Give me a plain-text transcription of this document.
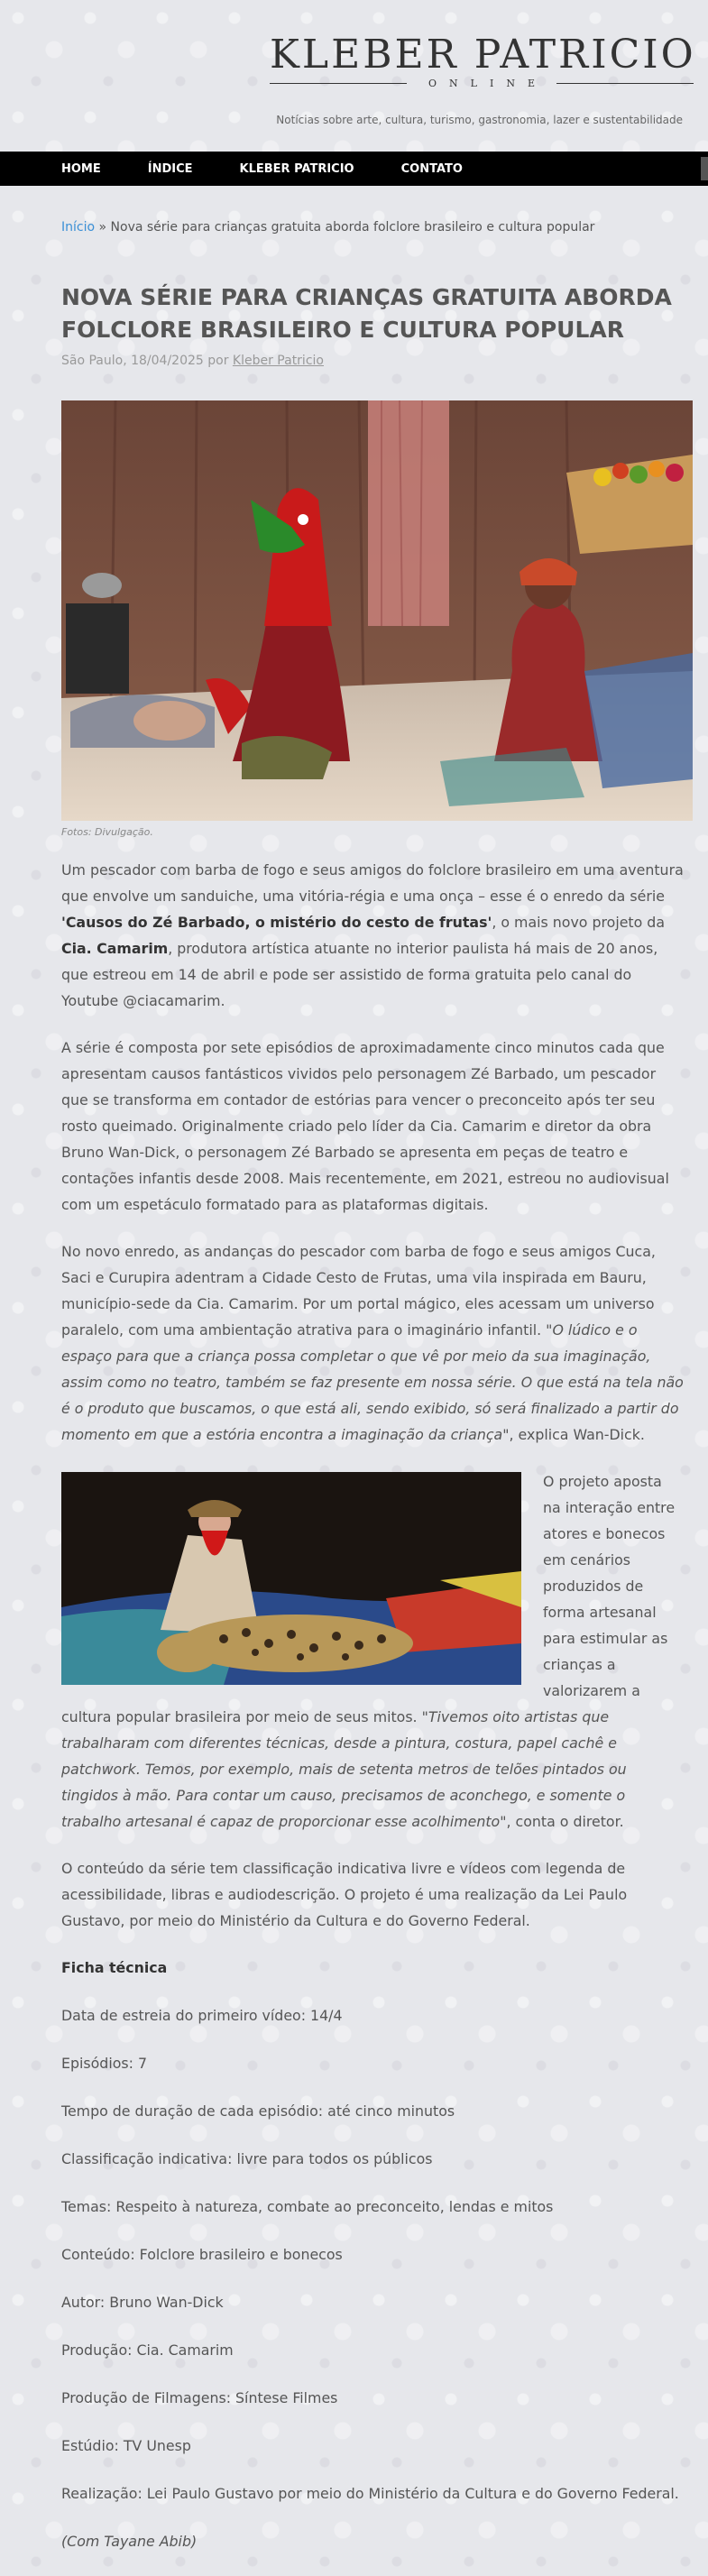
KLEBER PATRICIO
ONLINE
Notícias sobre arte, cultura, turismo, gastronomia, lazer e sustentabilidade
HOME	ÍNDICE	KLEBER PATRICIO	CONTATO
Início » Nova série para crianças gratuita aborda folclore brasileiro e cultura popular
NOVA SÉRIE PARA CRIANÇAS GRATUITA ABORDA FOLCLORE BRASILEIRO E CULTURA POPULAR
São Paulo, 18/04/2025 por Kleber Patricio
Fotos: Divulgação.

Um pescador com barba de fogo e seus amigos do folclore brasileiro em uma aventura que envolve um sanduiche, uma vitória-régia e uma onça – esse é o enredo da série 'Causos do Zé Barbado, o mistério do cesto de frutas', o mais novo projeto da Cia. Camarim, produtora artística atuante no interior paulista há mais de 20 anos, que estreou em 14 de abril e pode ser assistido de forma gratuita pelo canal do Youtube @ciacamarim.

A série é composta por sete episódios de aproximadamente cinco minutos cada que apresentam causos fantásticos vividos pelo personagem Zé Barbado, um pescador que se transforma em contador de estórias para vencer o preconceito após ter seu rosto queimado. Originalmente criado pelo líder da Cia. Camarim e diretor da obra Bruno Wan-Dick, o personagem Zé Barbado se apresenta em peças de teatro e contações infantis desde 2008. Mais recentemente, em 2021, estreou no audiovisual com um espetáculo formatado para as plataformas digitais.

No novo enredo, as andanças do pescador com barba de fogo e seus amigos Cuca, Saci e Curupira adentram a Cidade Cesto de Frutas, uma vila inspirada em Bauru, município-sede da Cia. Camarim. Por um portal mágico, eles acessam um universo paralelo, com uma ambientação atrativa para o imaginário infantil. "O lúdico e o espaço para que a criança possa completar o que vê por meio da sua imaginação, assim como no teatro, também se faz presente em nossa série. O que está na tela não é o produto que buscamos, o que está ali, sendo exibido, só será finalizado a partir do momento em que a estória encontra a imaginação da criança", explica Wan-Dick.

O projeto aposta na interação entre atores e bonecos em cenários produzidos de forma artesanal para estimular as crianças a valorizarem a cultura popular brasileira por meio de seus mitos. "Tivemos oito artistas que trabalharam com diferentes técnicas, desde a pintura, costura, papel cachê e patchwork. Temos, por exemplo, mais de setenta metros de telões pintados ou tingidos à mão. Para contar um causo, precisamos de aconchego, e somente o trabalho artesanal é capaz de proporcionar esse acolhimento", conta o diretor.

O conteúdo da série tem classificação indicativa livre e vídeos com legenda de acessibilidade, libras e audiodescrição. O projeto é uma realização da Lei Paulo Gustavo, por meio do Ministério da Cultura e do Governo Federal.

Ficha técnica

Data de estreia do primeiro vídeo: 14/4

Episódios: 7

Tempo de duração de cada episódio: até cinco minutos

Classificação indicativa: livre para todos os públicos

Temas: Respeito à natureza, combate ao preconceito, lendas e mitos

Conteúdo: Folclore brasileiro e bonecos

Autor: Bruno Wan-Dick

Produção: Cia. Camarim

Produção de Filmagens: Síntese Filmes

Estúdio: TV Unesp

Realização: Lei Paulo Gustavo por meio do Ministério da Cultura e do Governo Federal.

(Com Tayane Abib)
